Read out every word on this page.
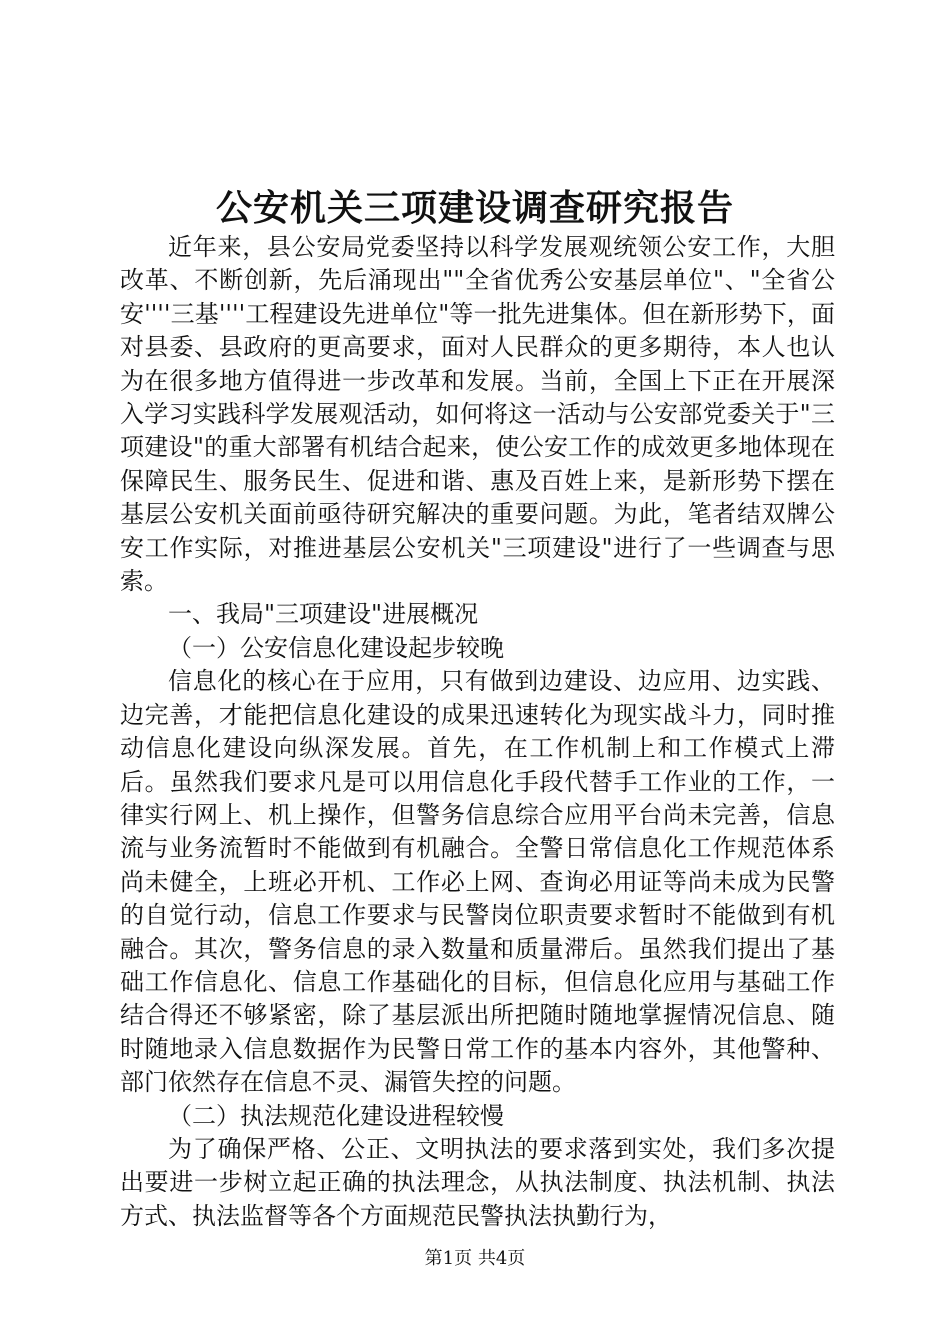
公安机关三项建设调查研究报告

近年来，县公安局党委坚持以科学发展观统领公安工作，大胆改革、不断创新，先后涌现出""全省优秀公安基层单位"、"全省公安''''三基''''工程建设先进单位"等一批先进集体。但在新形势下，面对县委、县政府的更高要求，面对人民群众的更多期待，本人也认为在很多地方值得进一步改革和发展。当前，全国上下正在开展深入学习实践科学发展观活动，如何将这一活动与公安部党委关于"三项建设"的重大部署有机结合起来，使公安工作的成效更多地体现在保障民生、服务民生、促进和谐、惠及百姓上来，是新形势下摆在基层公安机关面前亟待研究解决的重要问题。为此，笔者结双牌公安工作实际，对推进基层公安机关"三项建设"进行了一些调查与思索。

一、我局"三项建设"进展概况

（一）公安信息化建设起步较晚

信息化的核心在于应用，只有做到边建设、边应用、边实践、边完善，才能把信息化建设的成果迅速转化为现实战斗力，同时推动信息化建设向纵深发展。首先，在工作机制上和工作模式上滞后。虽然我们要求凡是可以用信息化手段代替手工作业的工作，一律实行网上、机上操作，但警务信息综合应用平台尚未完善，信息流与业务流暂时不能做到有机融合。全警日常信息化工作规范体系尚未健全，上班必开机、工作必上网、查询必用证等尚未成为民警的自觉行动，信息工作要求与民警岗位职责要求暂时不能做到有机融合。其次，警务信息的录入数量和质量滞后。虽然我们提出了基础工作信息化、信息工作基础化的目标，但信息化应用与基础工作结合得还不够紧密，除了基层派出所把随时随地掌握情况信息、随时随地录入信息数据作为民警日常工作的基本内容外，其他警种、部门依然存在信息不灵、漏管失控的问题。

（二）执法规范化建设进程较慢

为了确保严格、公正、文明执法的要求落到实处，我们多次提出要进一步树立起正确的执法理念，从执法制度、执法机制、执法方式、执法监督等各个方面规范民警执法执勤行为，

第1页 共4页
